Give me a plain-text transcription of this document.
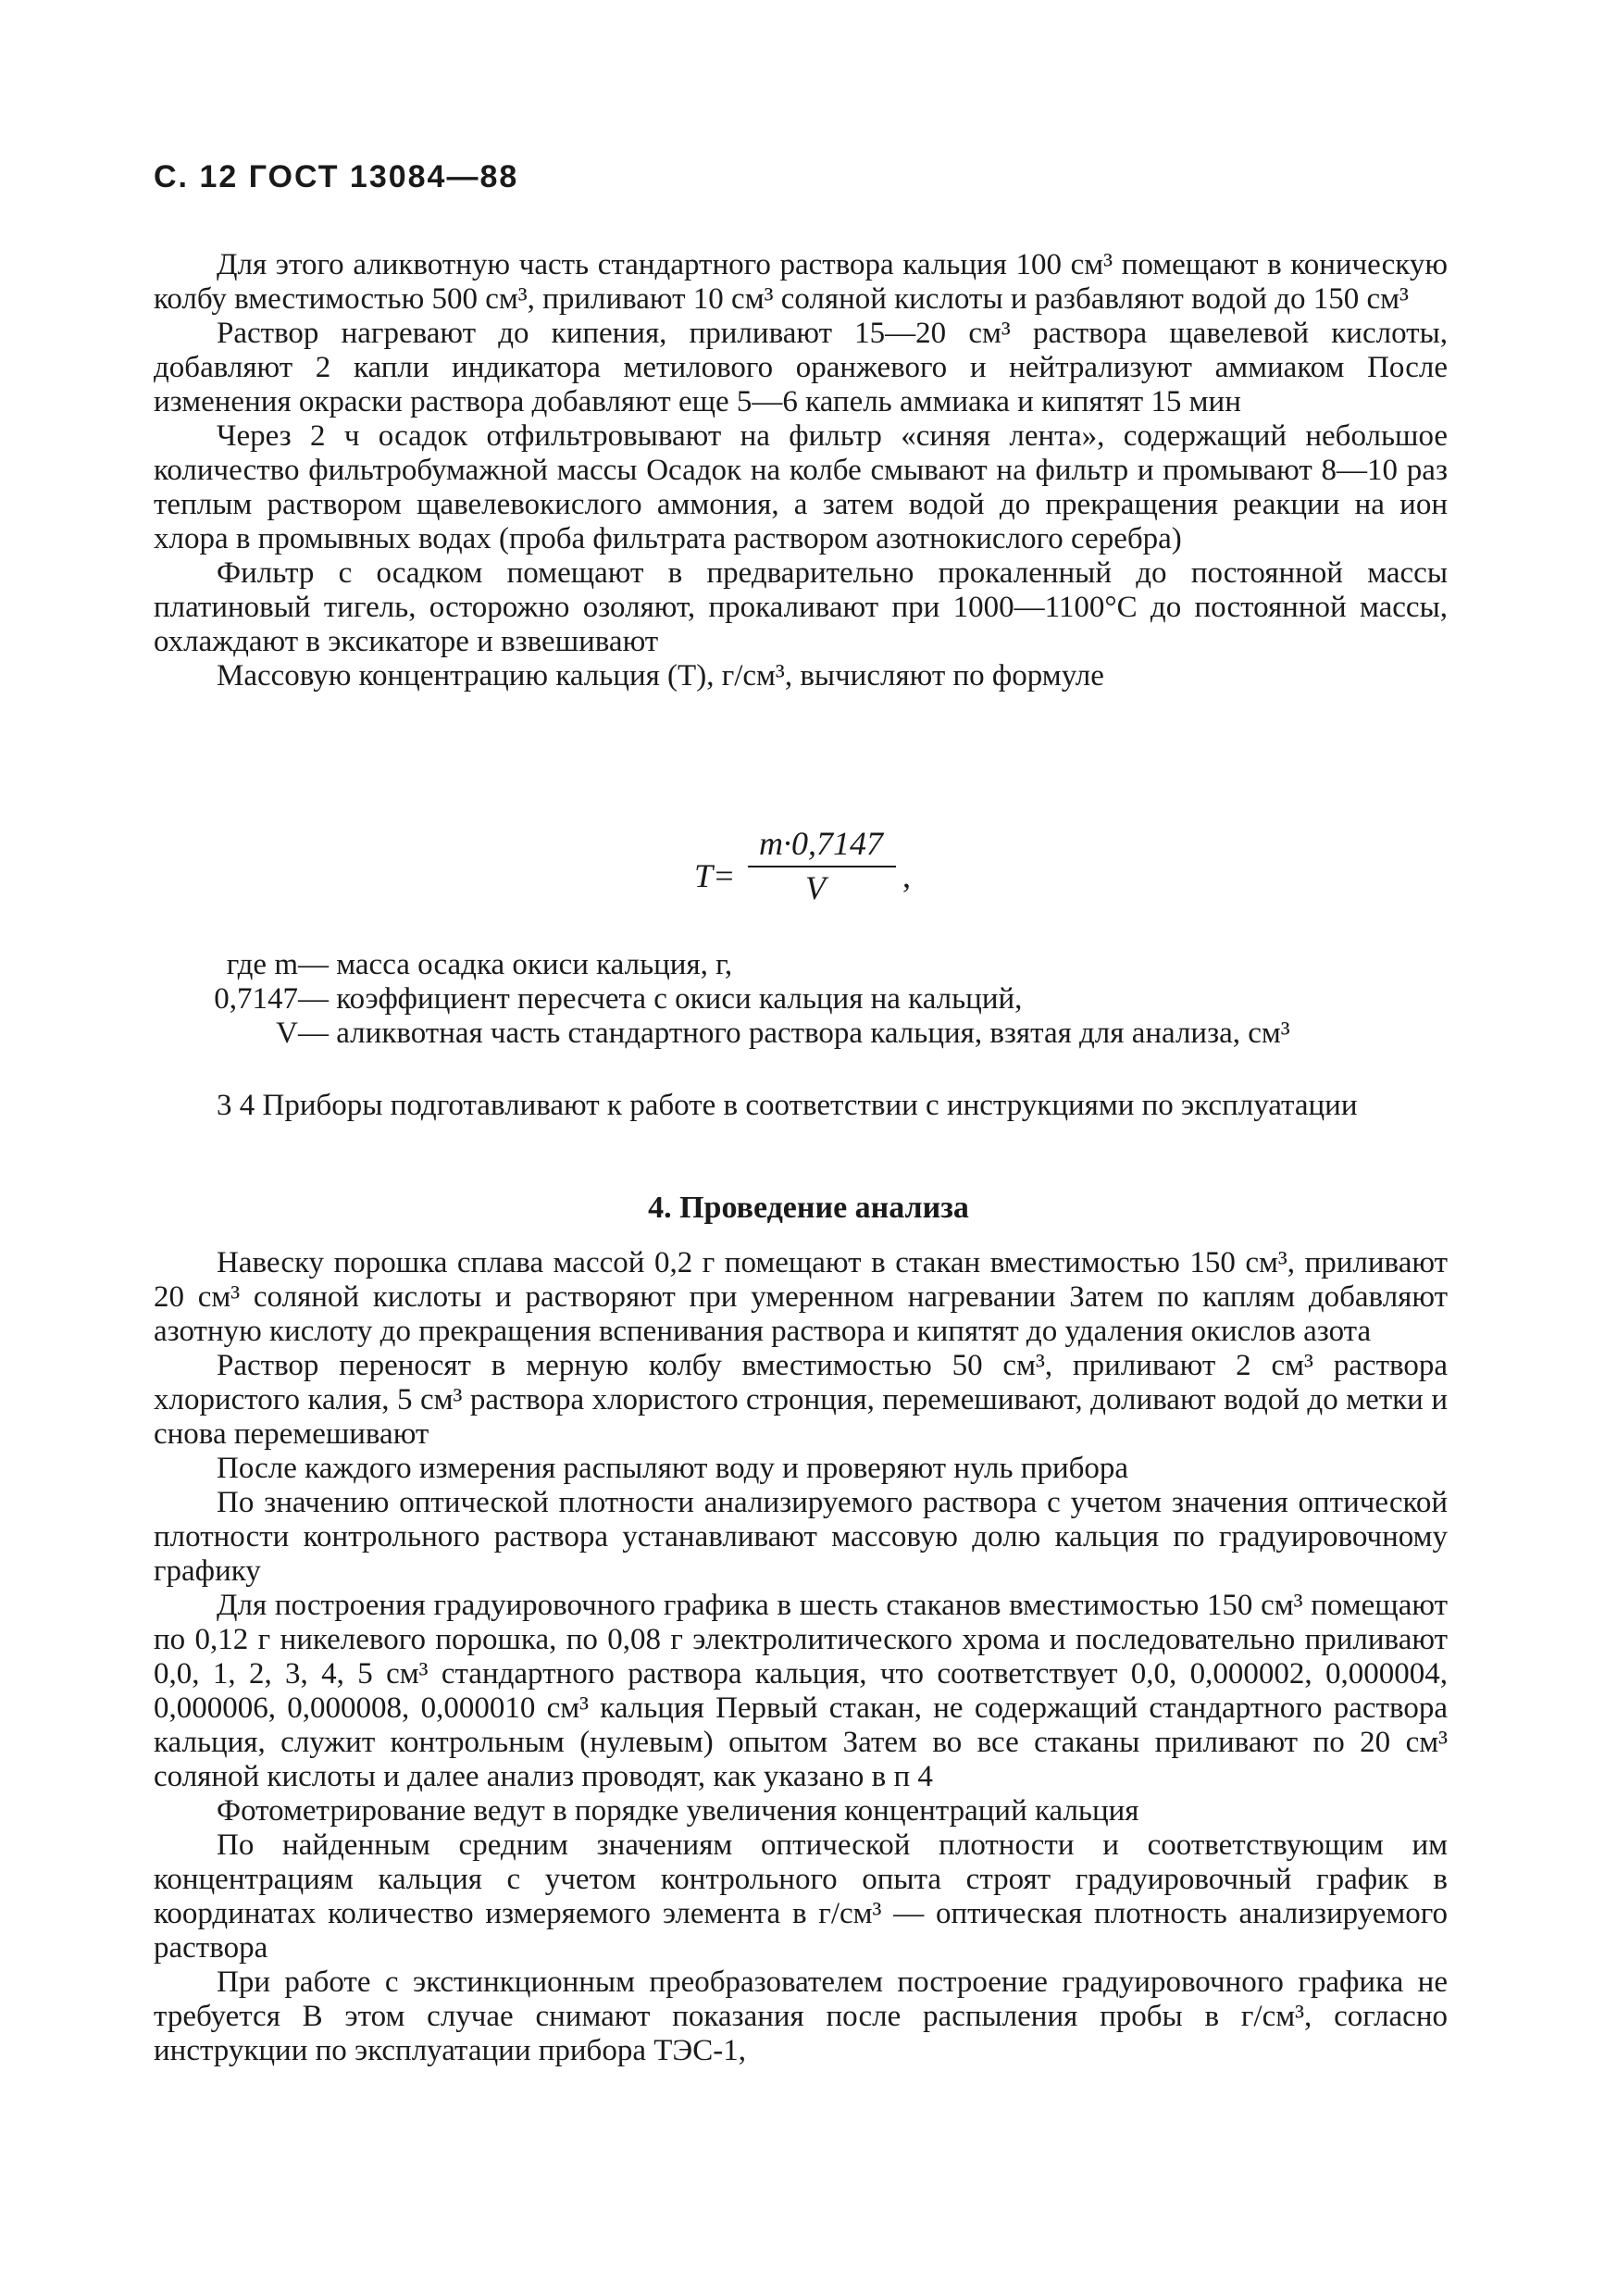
С. 12 ГОСТ 13084—88

Для этого аликвотную часть стандартного раствора кальция 100 см³ помещают в коническую колбу вместимостью 500 см³, приливают 10 см³ соляной кислоты и разбавляют водой до 150 см³

Раствор нагревают до кипения, приливают 15—20 см³ раствора щавелевой кислоты, добавляют 2 капли индикатора метилового оранжевого и нейтрализуют аммиаком После изменения окраски раствора добавляют еще 5—6 капель аммиака и кипятят 15 мин

Через 2 ч осадок отфильтровывают на фильтр «синяя лента», содержащий небольшое количество фильтробумажной массы Осадок на колбе смывают на фильтр и промывают 8—10 раз теплым раствором щавелевокислого аммония, а затем водой до прекращения реакции на ион хлора в промывных водах (проба фильтрата раствором азотнокислого серебра)

Фильтр с осадком помещают в предварительно прокаленный до постоянной массы платиновый тигель, осторожно озоляют, прокаливают при 1000—1100°С до постоянной массы, охлаждают в эксикаторе и взвешивают

Массовую концентрацию кальция (T), г/см³, вычисляют по формуле

T=
m·0,7147
V ,
где m — масса осадка окиси кальция, г,
0,7147 — коэффициент пересчета с окиси кальция на кальций,
V — аликвотная часть стандартного раствора кальция, взятая для анализа, см³

3 4 Приборы подготавливают к работе в соответствии с инструкциями по эксплуатации

4. Проведение анализа

Навеску порошка сплава массой 0,2 г помещают в стакан вместимостью 150 см³, приливают 20 см³ соляной кислоты и растворяют при умеренном нагревании Затем по каплям добавляют азотную кислоту до прекращения вспенивания раствора и кипятят до удаления окислов азота

Раствор переносят в мерную колбу вместимостью 50 см³, приливают 2 см³ раствора хлористого калия, 5 см³ раствора хлористого стронция, перемешивают, доливают водой до метки и снова перемешивают

После каждого измерения распыляют воду и проверяют нуль прибора

По значению оптической плотности анализируемого раствора с учетом значения оптической плотности контрольного раствора устанавливают массовую долю кальция по градуировочному графику

Для построения градуировочного графика в шесть стаканов вместимостью 150 см³ помещают по 0,12 г никелевого порошка, по 0,08 г электролитического хрома и последовательно приливают 0,0, 1, 2, 3, 4, 5 см³ стандартного раствора кальция, что соответствует 0,0, 0,000002, 0,000004, 0,000006, 0,000008, 0,000010 см³ кальция Первый стакан, не содержащий стандартного раствора кальция, служит контрольным (нулевым) опытом Затем во все стаканы приливают по 20 см³ соляной кислоты и далее анализ проводят, как указано в п 4

Фотометрирование ведут в порядке увеличения концентраций кальция

По найденным средним значениям оптической плотности и соответствующим им концентрациям кальция с учетом контрольного опыта строят градуировочный график в координатах количество измеряемого элемента в г/см³ — оптическая плотность анализируемого раствора

При работе с экстинкционным преобразователем построение градуировочного графика не требуется В этом случае снимают показания после распыления пробы в г/см³, согласно инструкции по эксплуатации прибора ТЭС-1,
